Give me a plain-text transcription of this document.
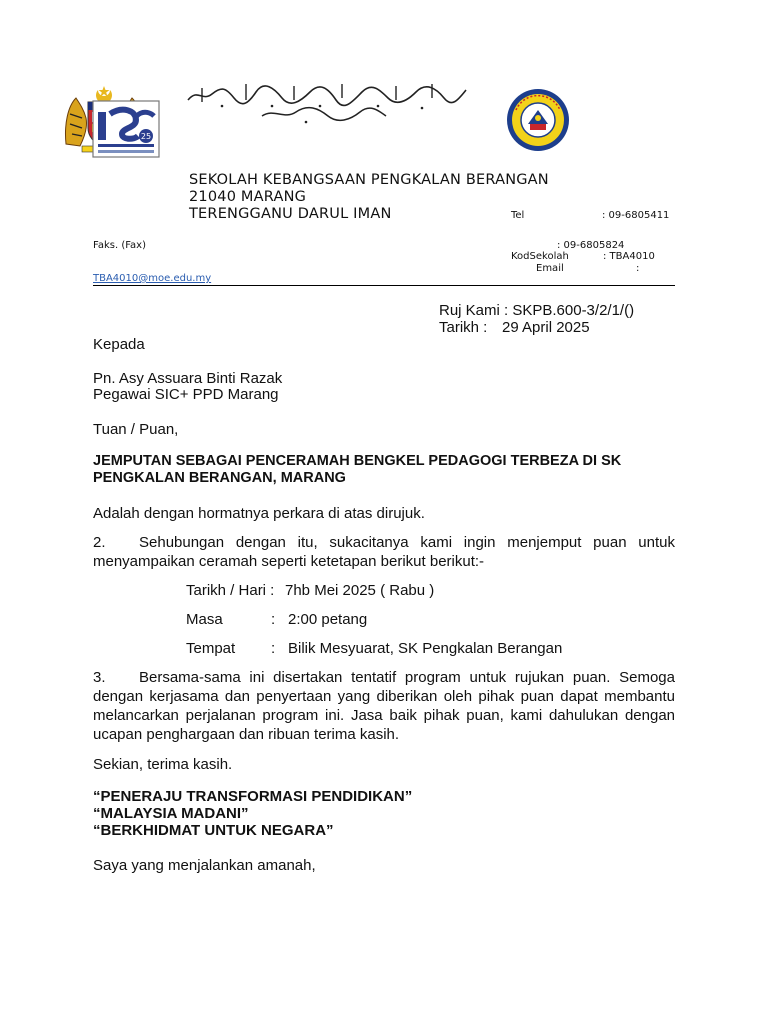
25
SEKOLAH KEBANGSAAN PENGKALAN BERANGAN
21040 MARANG
TERENGGANU DARUL IMAN	Tel	: 09-6805411
Faks. (Fax)	: 09-6805824
KodSekolah	: TBA4010
Email	:
TBA4010@moe.edu.my
Ruj Kami : SKPB.600-3/2/1/()
Tarikh : 29 April 2025
Kepada
Pn. Asy Assuara Binti Razak
Pegawai SIC+ PPD Marang
Tuan / Puan,
JEMPUTAN SEBAGAI PENCERAMAH BENGKEL PEDAGOGI TERBEZA DI SK PENGKALAN BERANGAN, MARANG
Adalah dengan hormatnya perkara di atas dirujuk.
2.	Sehubungan dengan itu, sukacitanya kami ingin menjemput puan untuk menyampaikan ceramah seperti ketetapan berikut berikut:-
Tarikh / Hari : 7hb Mei 2025 ( Rabu )
Masa	: 2:00 petang
Tempat : Bilik Mesyuarat, SK Pengkalan Berangan
3.	Bersama-sama ini disertakan tentatif program untuk rujukan puan. Semoga dengan kerjasama dan penyertaan yang diberikan oleh pihak puan dapat membantu melancarkan perjalanan program ini. Jasa baik pihak puan, kami dahulukan dengan ucapan penghargaan dan ribuan terima kasih.
Sekian, terima kasih.
“PENERAJU TRANSFORMASI PENDIDIKAN”
“MALAYSIA MADANI”
“BERKHIDMAT UNTUK NEGARA”
Saya yang menjalankan amanah,
